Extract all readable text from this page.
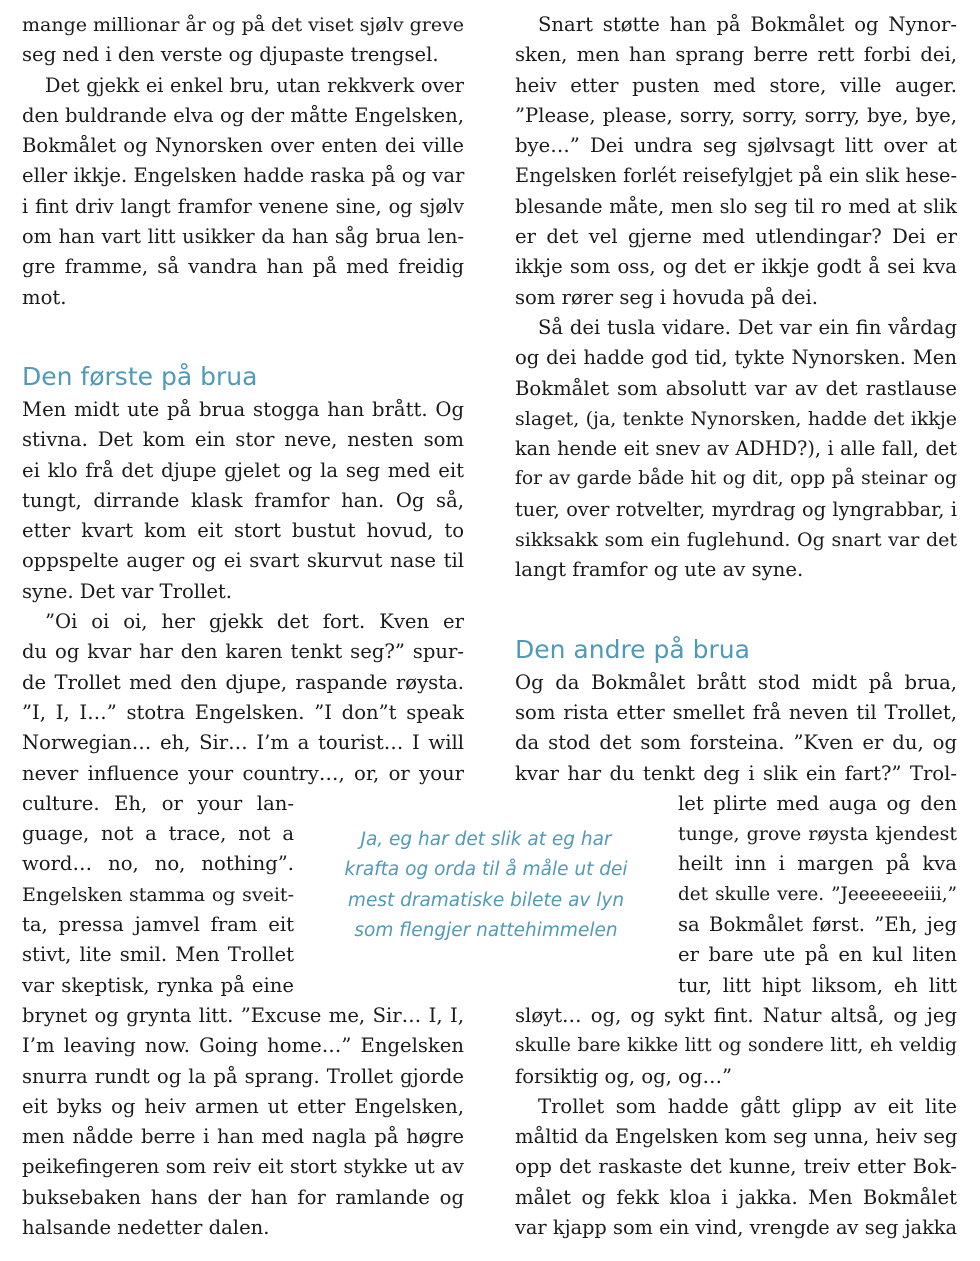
mange millionar år og på det viset sjølv greve
seg ned i den verste og djupaste trengsel.
Det gjekk ei enkel bru, utan rekkverk over
den buldrande elva og der måtte Engelsken,
Bokmålet og Nynorsken over enten dei ville
eller ikkje. Engelsken hadde raska på og var
i fint driv langt framfor venene sine, og sjølv
om han vart litt usikker da han såg brua len-
gre framme, så vandra han på med freidig
mot.
Den første på brua
Men midt ute på brua stogga han brått. Og
stivna. Det kom ein stor neve, nesten som
ei klo frå det djupe gjelet og la seg med eit
tungt, dirrande klask framfor han. Og så,
etter kvart kom eit stort bustut hovud, to
oppspelte auger og ei svart skurvut nase til
syne. Det var Trollet.
”Oi oi oi, her gjekk det fort. Kven er
du og kvar har den karen tenkt seg?” spur-
de Trollet med den djupe, raspande røysta.
”I, I, I…” stotra Engelsken. ”I don”t speak
Norwegian… eh, Sir… I’m a tourist… I will
never influence your country…, or, or your
culture. Eh, or your lan-
guage, not a trace, not a
word… no, no, nothing”.
Engelsken stamma og sveit-
ta, pressa jamvel fram eit
stivt, lite smil. Men Trollet
var skeptisk, rynka på eine
brynet og grynta litt. ”Excuse me, Sir… I, I,
I’m leaving now. Going home…” Engelsken
snurra rundt og la på sprang. Trollet gjorde
eit byks og heiv armen ut etter Engelsken,
men nådde berre i han med nagla på høgre
peikefingeren som reiv eit stort stykke ut av
buksebaken hans der han for ramlande og
halsande nedetter dalen.
Snart støtte han på Bokmålet og Nynor-
sken, men han sprang berre rett forbi dei,
heiv etter pusten med store, ville auger.
”Please, please, sorry, sorry, sorry, bye, bye,
bye…” Dei undra seg sjølvsagt litt over at
Engelsken forlét reisefylgjet på ein slik hese-
blesande måte, men slo seg til ro med at slik
er det vel gjerne med utlendingar? Dei er
ikkje som oss, og det er ikkje godt å sei kva
som rører seg i hovuda på dei.
Så dei tusla vidare. Det var ein fin vårdag
og dei hadde god tid, tykte Nynorsken. Men
Bokmålet som absolutt var av det rastlause
slaget, (ja, tenkte Nynorsken, hadde det ikkje
kan hende eit snev av ADHD?), i alle fall, det
for av garde både hit og dit, opp på steinar og
tuer, over rotvelter, myrdrag og lyngrabbar, i
sikksakk som ein fuglehund. Og snart var det
langt framfor og ute av syne.
Den andre på brua
Og da Bokmålet brått stod midt på brua,
som rista etter smellet frå neven til Trollet,
da stod det som forsteina. ”Kven er du, og
kvar har du tenkt deg i slik ein fart?” Trol-
let plirte med auga og den
tunge, grove røysta kjendest
heilt inn i margen på kva
det skulle vere. ”Jeeeeeeeiii,”
sa Bokmålet først. ”Eh, jeg
er bare ute på en kul liten
tur, litt hipt liksom, eh litt
sløyt… og, og sykt fint. Natur altså, og jeg
skulle bare kikke litt og sondere litt, eh veldig
forsiktig og, og, og…”
Trollet som hadde gått glipp av eit lite
måltid da Engelsken kom seg unna, heiv seg
opp det raskaste det kunne, treiv etter Bok-
målet og fekk kloa i jakka. Men Bokmålet
var kjapp som ein vind, vrengde av seg jakka
Ja, eg har det slik at eg har
krafta og orda til å måle ut dei
mest dramatiske bilete av lyn
som flengjer nattehimmelen
